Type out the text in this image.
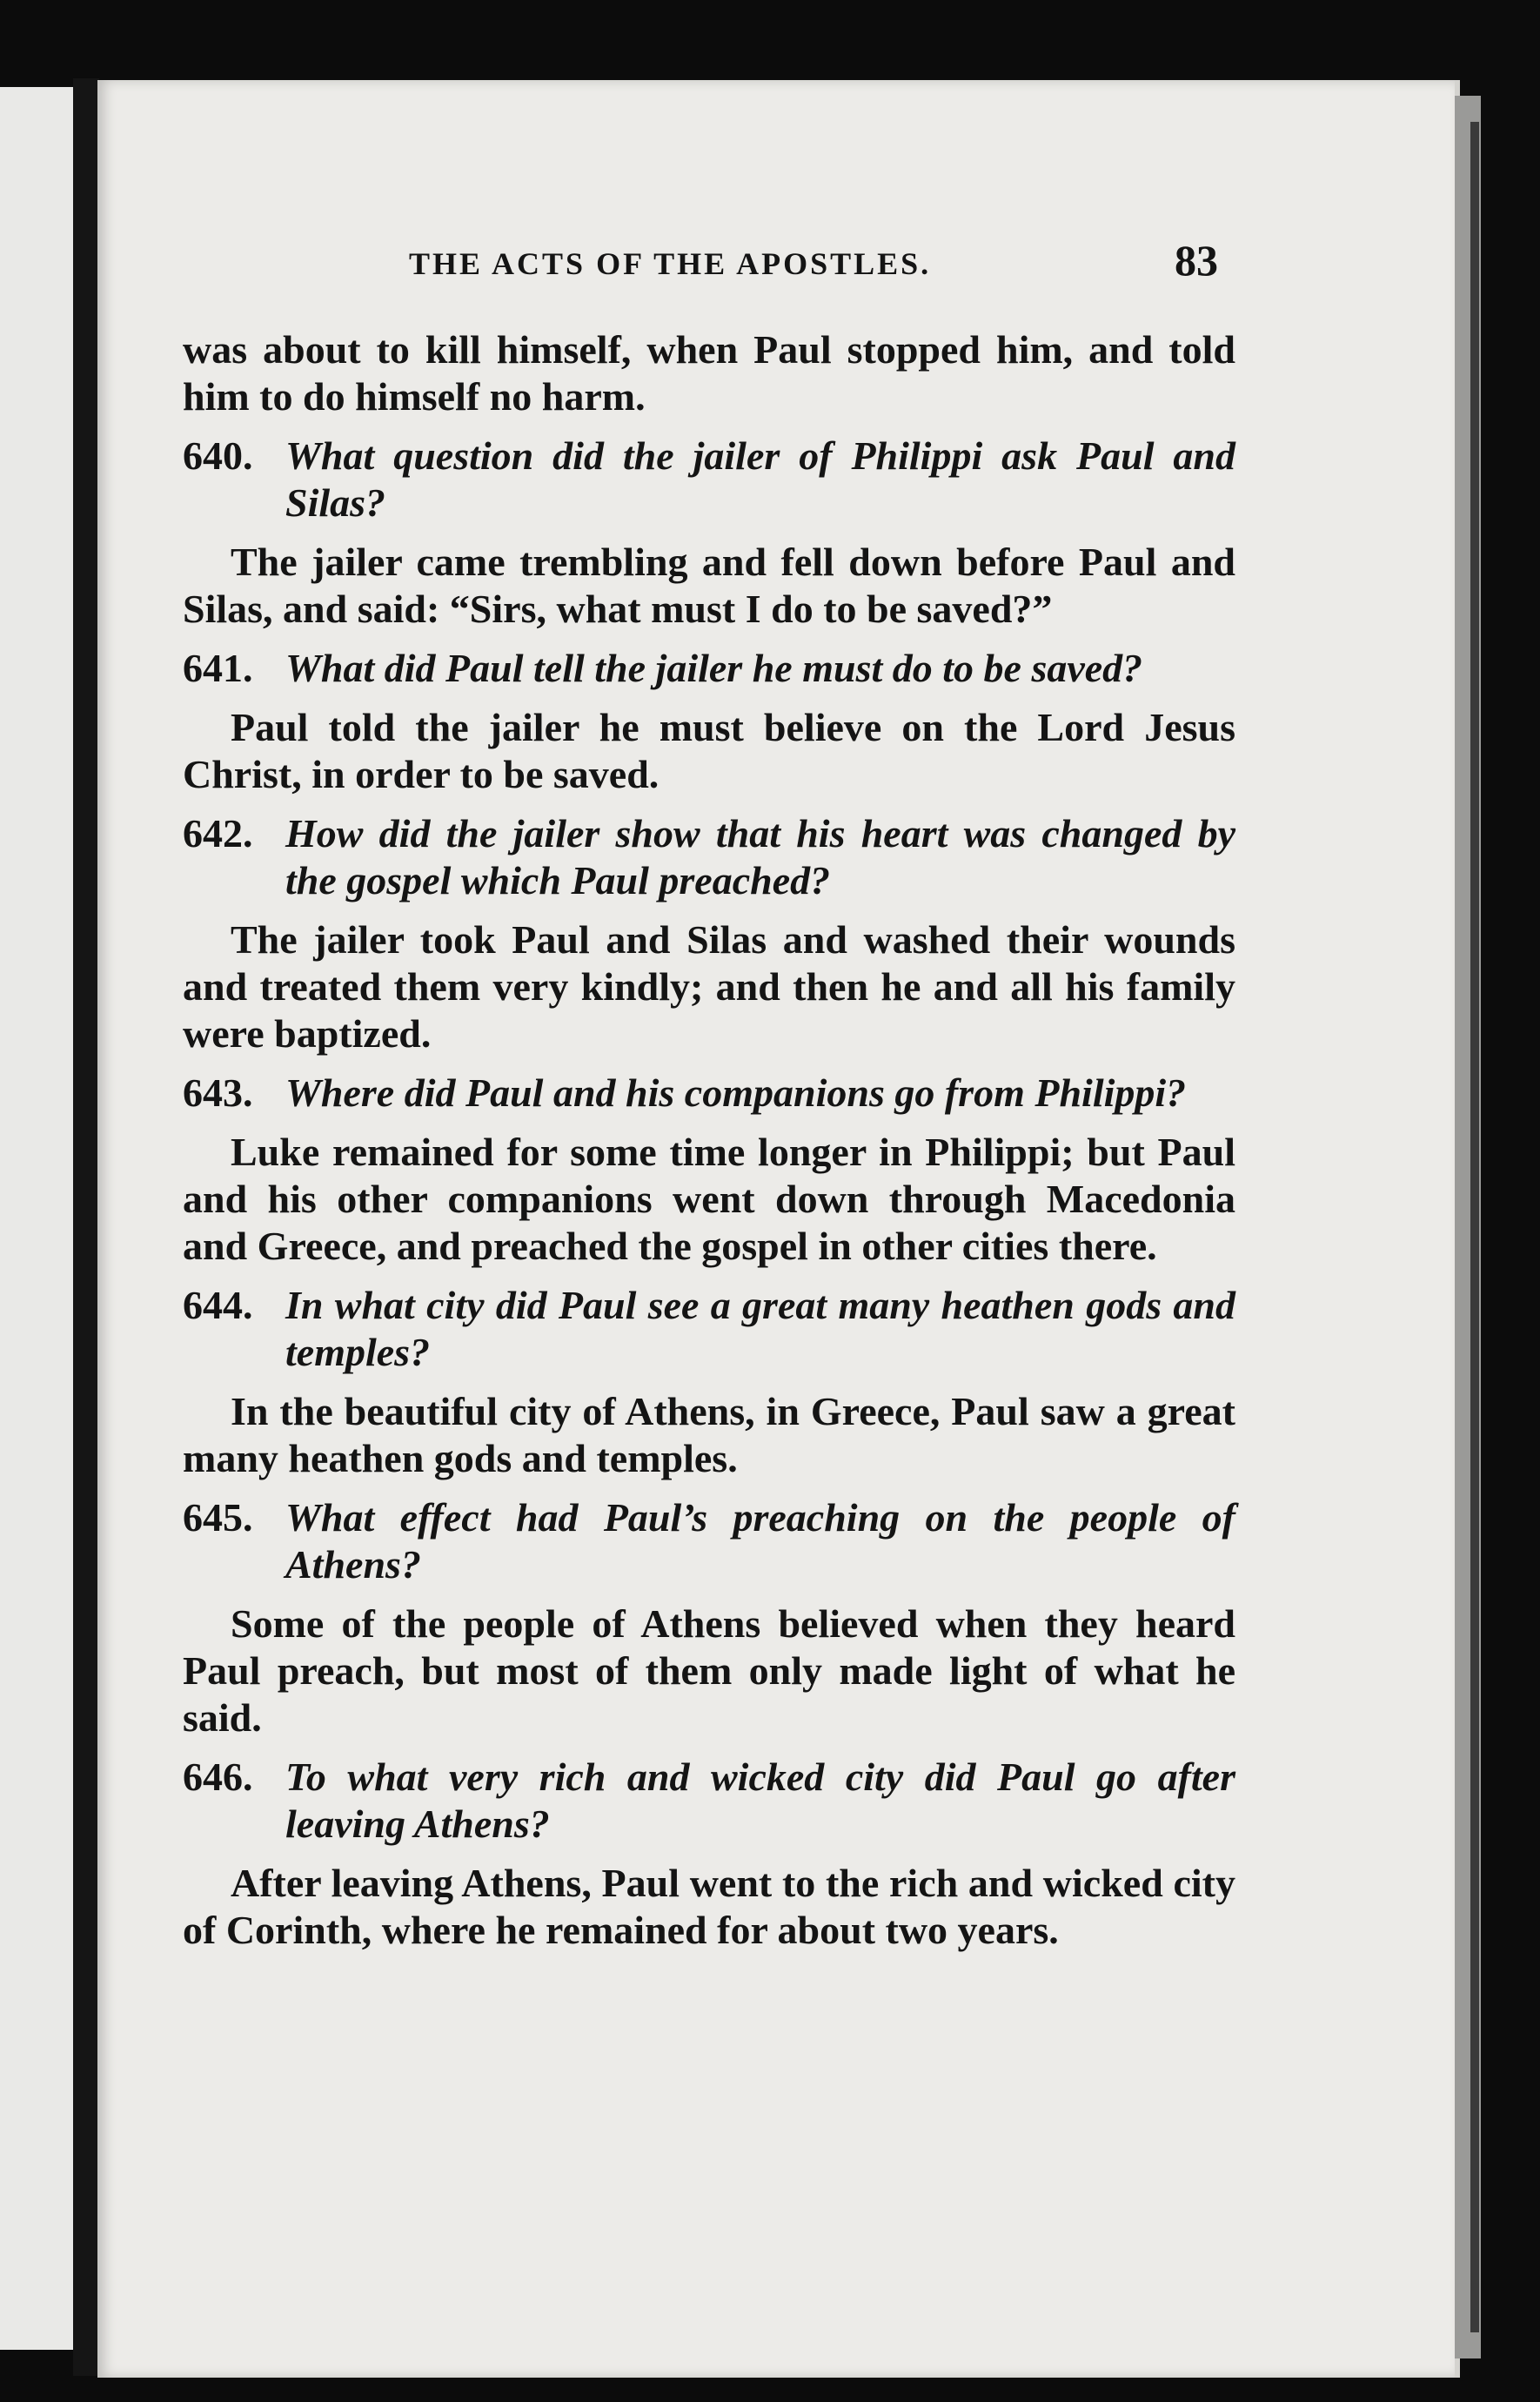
THE ACTS OF THE APOSTLES.	83

was about to kill himself, when Paul stopped him, and told him to do himself no harm.

640. What question did the jailer of Philippi ask Paul and Silas?

The jailer came trembling and fell down before Paul and Silas, and said: “Sirs, what must I do to be saved?”

641. What did Paul tell the jailer he must do to be saved?

Paul told the jailer he must believe on the Lord Jesus Christ, in order to be saved.

642. How did the jailer show that his heart was changed by the gospel which Paul preached?

The jailer took Paul and Silas and washed their wounds and treated them very kindly; and then he and all his family were baptized.

643. Where did Paul and his companions go from Philippi?

Luke remained for some time longer in Philippi; but Paul and his other companions went down through Macedonia and Greece, and preached the gospel in other cities there.

644. In what city did Paul see a great many heathen gods and temples?

In the beautiful city of Athens, in Greece, Paul saw a great many heathen gods and temples.

645. What effect had Paul’s preaching on the people of Athens?

Some of the people of Athens believed when they heard Paul preach, but most of them only made light of what he said.

646. To what very rich and wicked city did Paul go after leaving Athens?

After leaving Athens, Paul went to the rich and wicked city of Corinth, where he remained for about two years.
